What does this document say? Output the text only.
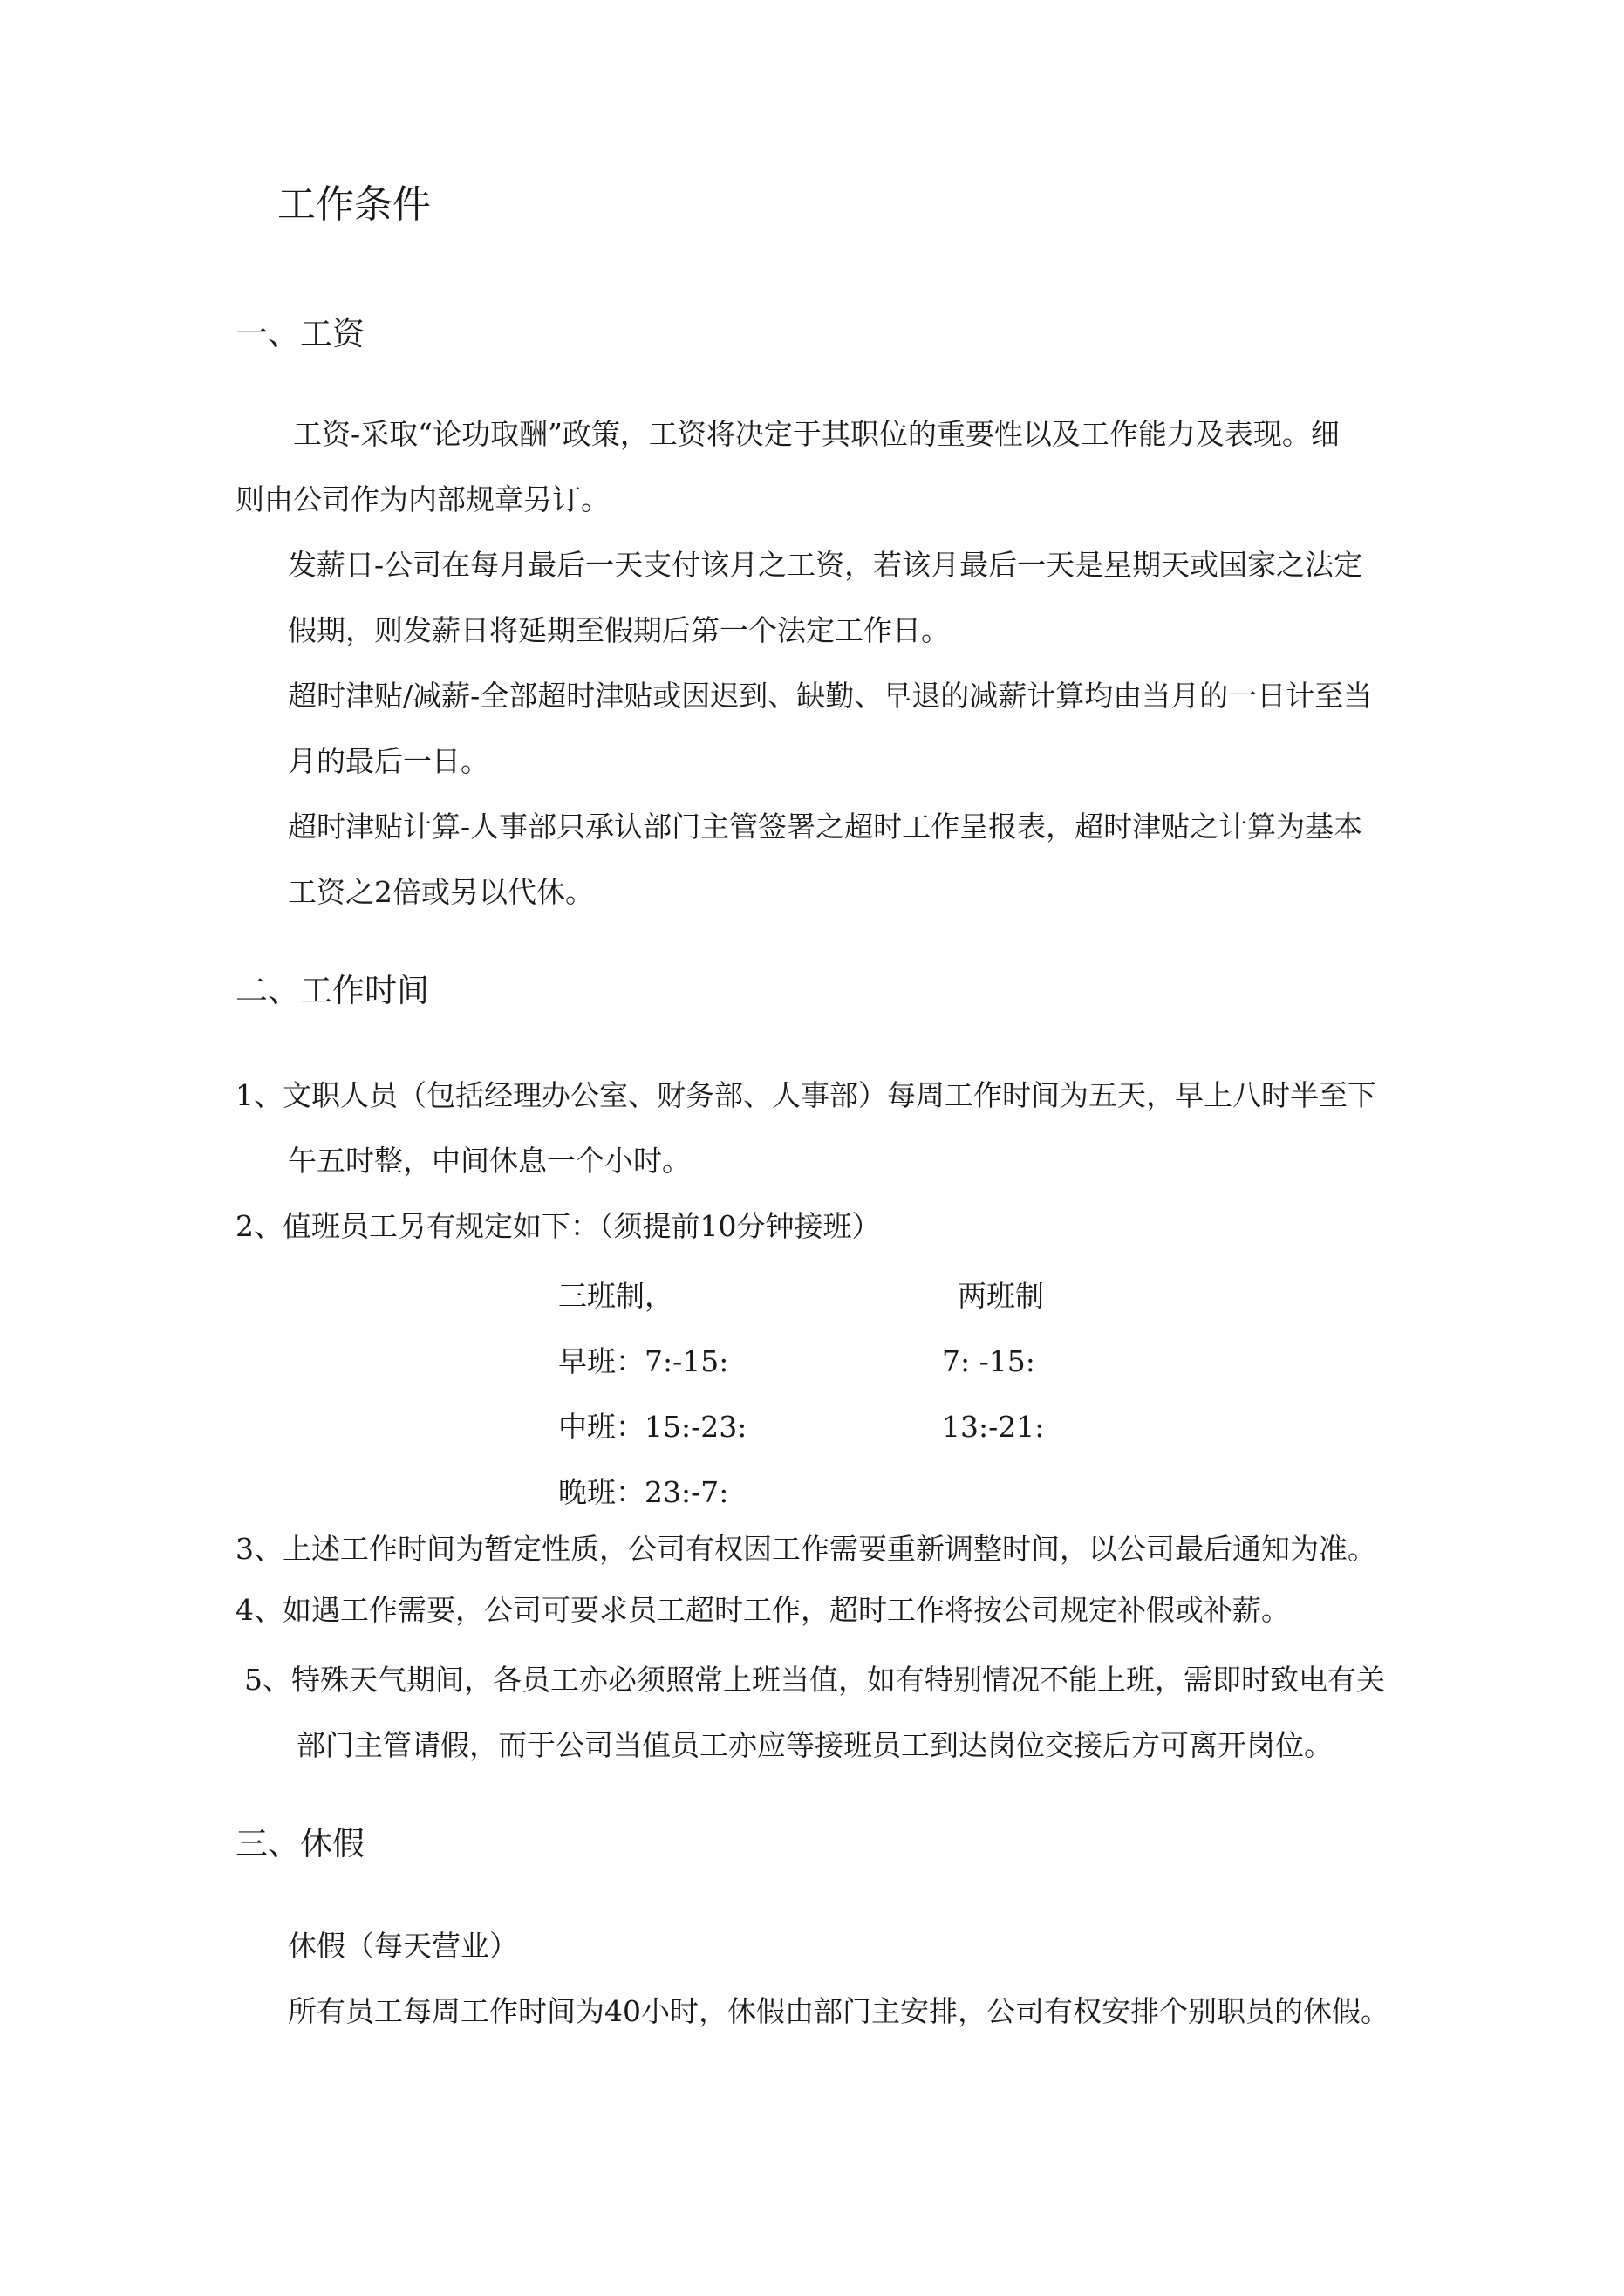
工作条件
一、工资
工资-采取“论功取酬”政策，工资将决定于其职位的重要性以及工作能力及表现。细
则由公司作为内部规章另订。
发薪日-公司在每月最后一天支付该月之工资，若该月最后一天是星期天或国家之法定
假期，则发薪日将延期至假期后第一个法定工作日。
超时津贴/减薪-全部超时津贴或因迟到、缺勤、早退的减薪计算均由当月的一日计至当
月的最后一日。
超时津贴计算-人事部只承认部门主管签署之超时工作呈报表，超时津贴之计算为基本
工资之2倍或另以代休。
二、工作时间
1、文职人员（包括经理办公室、财务部、人事部）每周工作时间为五天，早上八时半至下
午五时整，中间休息一个小时。
2、值班员工另有规定如下：（须提前10分钟接班）
三班制，	两班制
早班：7:-15:	7: -15:
中班：15:-23:	13:-21:
晚班：23:-7:
3、上述工作时间为暂定性质，公司有权因工作需要重新调整时间，以公司最后通知为准。
4、如遇工作需要，公司可要求员工超时工作，超时工作将按公司规定补假或补薪。
5、特殊天气期间，各员工亦必须照常上班当值，如有特别情况不能上班，需即时致电有关
部门主管请假，而于公司当值员工亦应等接班员工到达岗位交接后方可离开岗位。
三、休假
休假（每天营业）
所有员工每周工作时间为40小时，休假由部门主安排，公司有权安排个别职员的休假。
